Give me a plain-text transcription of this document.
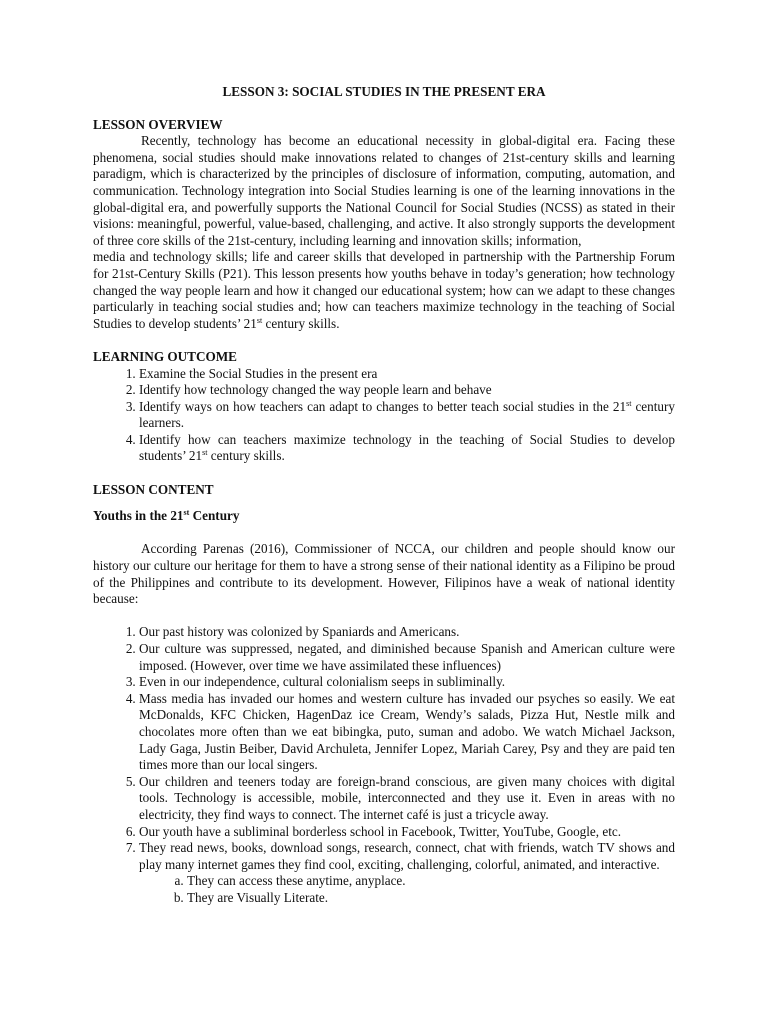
LESSON 3: SOCIAL STUDIES IN THE PRESENT ERA

LESSON OVERVIEW

Recently, technology has become an educational necessity in global-digital era. Facing these phenomena, social studies should make innovations related to changes of 21st-century skills and learning paradigm, which is characterized by the principles of disclosure of information, computing, automation, and communication. Technology integration into Social Studies learning is one of the learning innovations in the global-digital era, and powerfully supports the National Council for Social Studies (NCSS) as stated in their visions: meaningful, powerful, value-based, challenging, and active. It also strongly supports the development of three core skills of the 21st-century, including learning and innovation skills; information,

media and technology skills; life and career skills that developed in partnership with the Partnership Forum for 21st-Century Skills (P21). This lesson presents how youths behave in today’s generation; how technology changed the way people learn and how it changed our educational system; how can we adapt to these changes particularly in teaching social studies and; how can teachers maximize technology in the teaching of Social Studies to develop students’ 21st century skills.

LEARNING OUTCOME

1. Examine the Social Studies in the present era
2. Identify how technology changed the way people learn and behave
3. Identify ways on how teachers can adapt to changes to better teach social studies in the 21st century learners.
4. Identify how can teachers maximize technology in the teaching of Social Studies to develop students’ 21st century skills.

LESSON CONTENT

Youths in the 21st Century

According Parenas (2016), Commissioner of NCCA, our children and people should know our history our culture our heritage for them to have a strong sense of their national identity as a Filipino be proud of the Philippines and contribute to its development. However, Filipinos have a weak of national identity because:

1. Our past history was colonized by Spaniards and Americans.
2. Our culture was suppressed, negated, and diminished because Spanish and American culture were imposed. (However, over time we have assimilated these influences)
3. Even in our independence, cultural colonialism seeps in subliminally.
4. Mass media has invaded our homes and western culture has invaded our psyches so easily. We eat McDonalds, KFC Chicken, HagenDaz ice Cream, Wendy’s salads, Pizza Hut, Nestle milk and chocolates more often than we eat bibingka, puto, suman and adobo. We watch Michael Jackson, Lady Gaga, Justin Beiber, David Archuleta, Jennifer Lopez, Mariah Carey, Psy and they are paid ten times more than our local singers.
5. Our children and teeners today are foreign-brand conscious, are given many choices with digital tools. Technology is accessible, mobile, interconnected and they use it. Even in areas with no electricity, they find ways to connect. The internet café is just a tricycle away.
6. Our youth have a subliminal borderless school in Facebook, Twitter, YouTube, Google, etc.
7. They read news, books, download songs, research, connect, chat with friends, watch TV shows and play many internet games they find cool, exciting, challenging, colorful, animated, and interactive.
a. They can access these anytime, anyplace.
b. They are Visually Literate.
